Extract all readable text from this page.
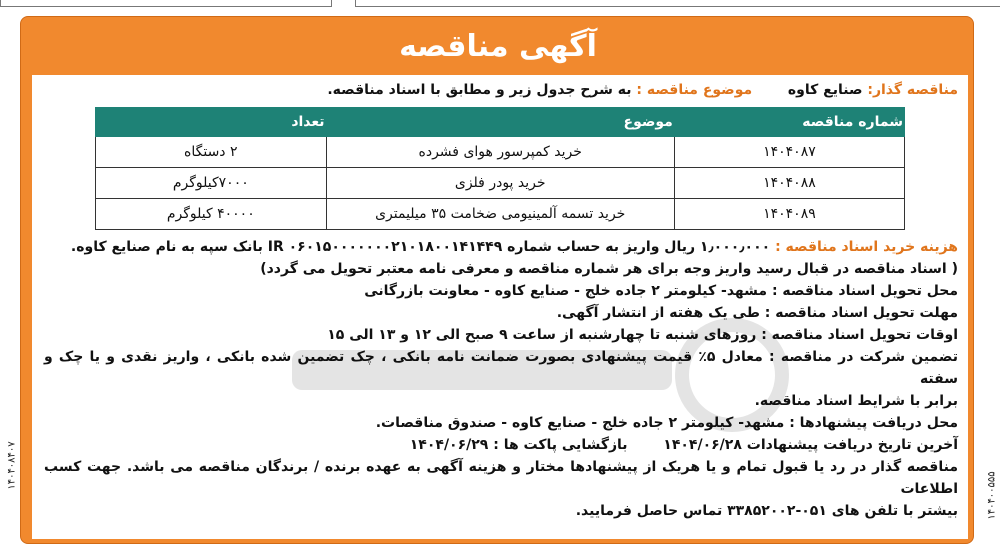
آگهی مناقصه
مناقصه گذار: صنایع کاوه  موضوع مناقصه : به شرح جدول زیر و مطابق با اسناد مناقصه.
شماره مناقصه	موضوع	تعداد
۱۴۰۴۰۸۷	خرید کمپرسور هوای فشرده	۲ دستگاه
۱۴۰۴۰۸۸	خرید پودر فلزی	۷۰۰۰کیلوگرم
۱۴۰۴۰۸۹	خرید تسمه آلمینیومی ضخامت ۳۵ میلیمتری	۴۰۰۰۰ کیلوگرم
هزینه خرید اسناد مناقصه : ۱٫۰۰۰٫۰۰۰ ریال واریز به حساب شماره IR ۰۶۰۱۵۰۰۰۰۰۰۰۲۱۰۱۸۰۰۱۴۱۴۴۹ بانک سپه به نام صنایع کاوه.
( اسناد مناقصه در قبال رسید واریز وجه برای هر شماره مناقصه و معرفی نامه معتبر تحویل می گردد)
محل تحویل اسناد مناقصه : مشهد- کیلومتر ۲ جاده خلج - صنایع کاوه - معاونت بازرگانی
مهلت تحویل اسناد مناقصه : طی یک هفته از انتشار آگهی.
اوقات تحویل اسناد مناقصه : روزهای شنبه تا چهارشنبه از ساعت ۹ صبح الی ۱۲ و ۱۳ الی ۱۵
تضمین شرکت در مناقصه : معادل ۵٪ قیمت پیشنهادی بصورت ضمانت نامه بانکی ، چک تضمین شده بانکی ، واریز نقدی و یا چک و سفته
برابر با شرایط اسناد مناقصه.
محل دریافت پیشنهادها : مشهد- کیلومتر ۲ جاده خلج - صنایع کاوه - صندوق مناقصات.
آخرین تاریخ دریافت پیشنهادات ۱۴۰۴/۰۶/۲۸  بازگشایی پاکت ها : ۱۴۰۴/۰۶/۲۹
مناقصه گذار در رد یا قبول تمام و یا هریک از پیشنهادها مختار و هزینه آگهی به عهده برنده / برندگان مناقصه می باشد. جهت کسب اطلاعات
بیشتر با تلفن های ۰۵۱-۳۳۸۵۲۰۰۲ تماس حاصل فرمایید.
۱۴۰۴۰۸۴۰۷
۱۴۰۴۰۰۵۵۵
